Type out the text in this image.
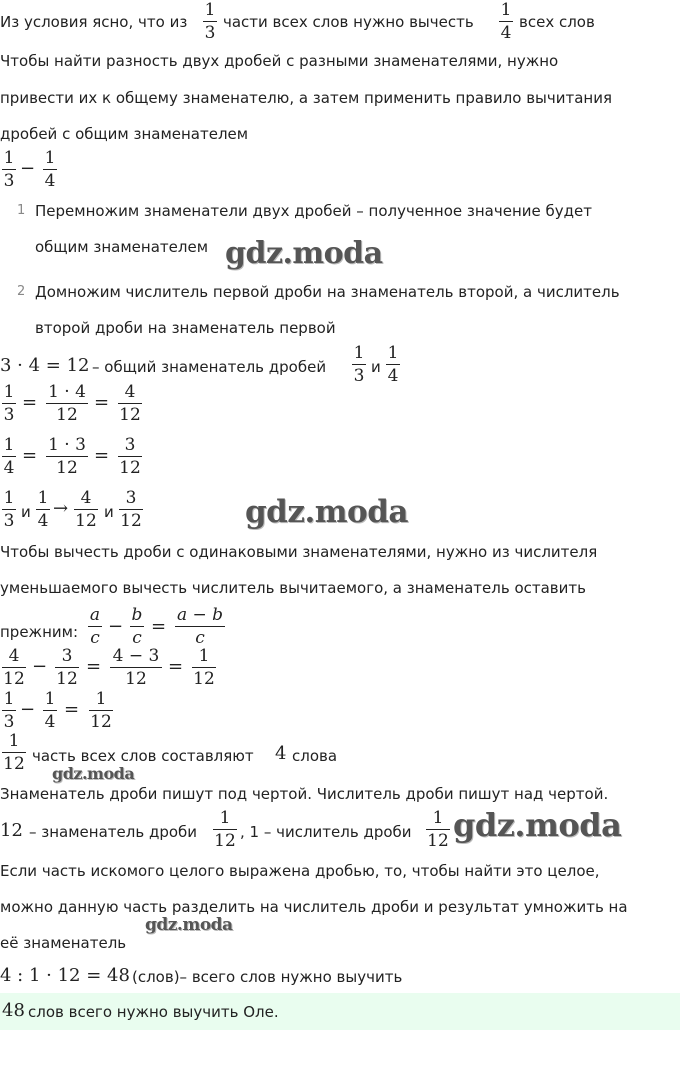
Из условия ясно, что из
1
3
части всех слов нужно вычесть
1
4
всех слов
Чтобы найти разность двух дробей с разными знаменателями, нужно
привести их к общему знаменателю, а затем применить правило вычитания
дробей с общим знаменателем
1
3
− 1
4
1 Перемножим знаменатели двух дробей – полученное значение будет
общим знаменателем gdz.moda
2 Домножим числитель первой дроби на знаменатель второй, а числитель
второй дроби на знаменатель первой
3 · 4 = 12 – общий знаменатель дробей
1
3 и
1
4
1
3
= 1 · 4
12
= 4
12
1
4
= 1 · 3
12
= 3
12
1
3 и
1
4
→ 4
12 и
3
12	gdz.moda
Чтобы вычесть дроби с одинаковыми знаменателями, нужно из числителя
уменьшаемого вычесть числитель вычитаемого, а знаменатель оставить
прежним:
a
c
−
b
c
=
a − b
c
4
12
− 3
12
= 4 − 3
12
= 1
12
1
3
− 1
4
= 1
12
1
12 часть всех слов составляют 4 слова
gdz.moda
Знаменатель дроби пишут под чертой. Числитель дроби пишут над чертой.
12 – знаменатель дроби
1
12 , 1 – числитель дроби
1
12 gdz.moda
Если часть искомого целого выражена дробью, то, чтобы найти это целое,
можно данную часть разделить на числитель дроби и результат умножить на
её знаменатель
gdz.moda
4 : 1 · 12 = 48 (слов)– всего слов нужно выучить
48 слов всего нужно выучить Оле.
